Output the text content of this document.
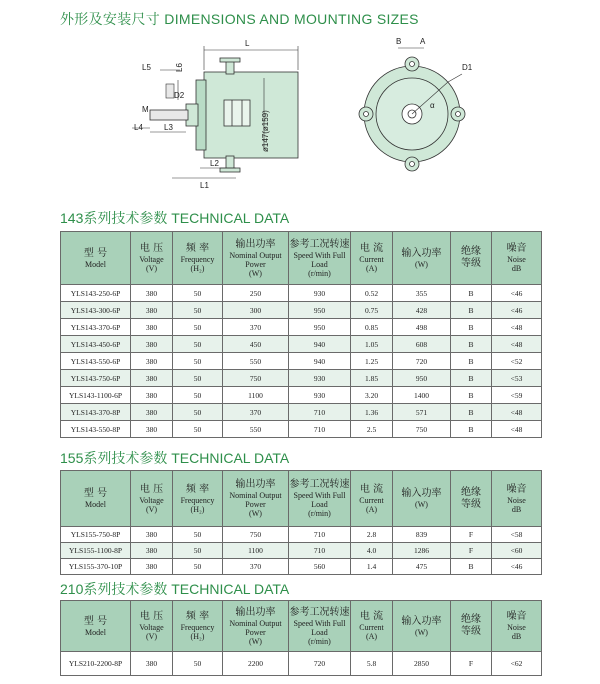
外形及安装尺寸 DIMENSIONS AND MOUNTING SIZES
L
L5	L6
D2
M
L4	L3
L2
L1
ø147(ø159)
B A
D1
α
143系列技术参数 TECHNICAL DATA
型 号
Model	电 压
Voltage
(V)	频 率
Frequency
(H₂)	输出功率
Nominal Output
Power
(W)	参考工况转速
Speed With Full
Load
(r/min)	电 流
Current
(A)	输入功率
(W)	绝缘
等级	噪音
Noise
dB
YLS143-250-6P	380	50	250	930	0.52	355	B	<46
YLS143-300-6P	380	50	300	950	0.75	428	B	<46
YLS143-370-6P	380	50	370	950	0.85	498	B	<48
YLS143-450-6P	380	50	450	940	1.05	608	B	<48
YLS143-550-6P	380	50	550	940	1.25	720	B	<52
YLS143-750-6P	380	50	750	930	1.85	950	B	<53
YLS143-1100-6P	380	50	1100	930	3.20	1400	B	<59
YLS143-370-8P	380	50	370	710	1.36	571	B	<48
YLS143-550-8P	380	50	550	710	2.5	750	B	<48
155系列技术参数 TECHNICAL DATA
型 号
Model	电 压
Voltage
(V)	频 率
Frequency
(H₂)	输出功率
Nominal Output
Power
(W)	参考工况转速
Speed With Full
Load
(r/min)	电 流
Current
(A)	输入功率
(W)	绝缘
等级	噪音
Noise
dB
YLS155-750-8P	380	50	750	710	2.8	839	F	<58
YLS155-1100-8P	380	50	1100	710	4.0	1286	F	<60
YLS155-370-10P	380	50	370	560	1.4	475	B	<46
210系列技术参数 TECHNICAL DATA
型 号
Model	电 压
Voltage
(V)	频 率
Frequency
(H₂)	输出功率
Nominal Output
Power
(W)	参考工况转速
Speed With Full
Load
(r/min)	电 流
Current
(A)	输入功率
(W)	绝缘
等级	噪音
Noise
dB
YLS210-2200-8P	380	50	2200	720	5.8	2850	F	<62
